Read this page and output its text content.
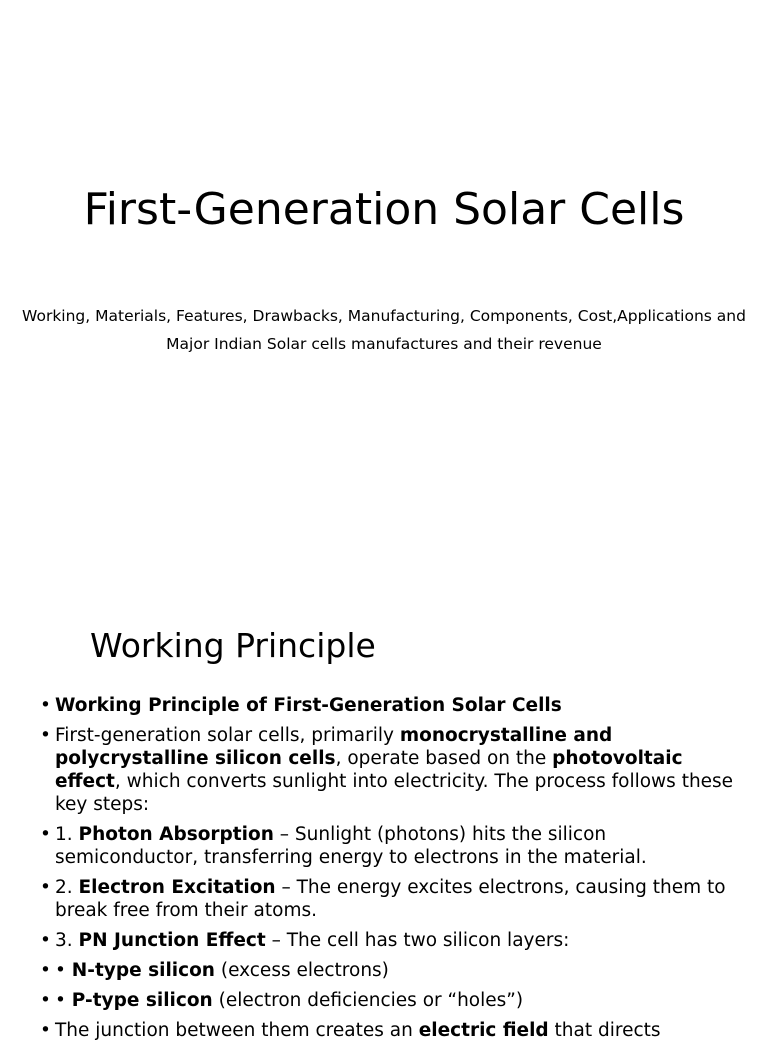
First-Generation Solar Cells
Working, Materials, Features, Drawbacks, Manufacturing, Components, Cost,Applications and
Major Indian Solar cells manufactures and their revenue
Working Principle
• Working Principle of First-Generation Solar Cells
• First-generation solar cells, primarily monocrystalline and polycrystalline silicon cells, operate based on the photovoltaic effect, which converts sunlight into electricity. The process follows these key steps:
• 1. Photon Absorption – Sunlight (photons) hits the silicon semiconductor, transferring energy to electrons in the material.
• 2. Electron Excitation – The energy excites electrons, causing them to break free from their atoms.
• 3. PN Junction Effect – The cell has two silicon layers:
• • N-type silicon (excess electrons)
• • P-type silicon (electron deficiencies or “holes”)
• The junction between them creates an electric field that directs
